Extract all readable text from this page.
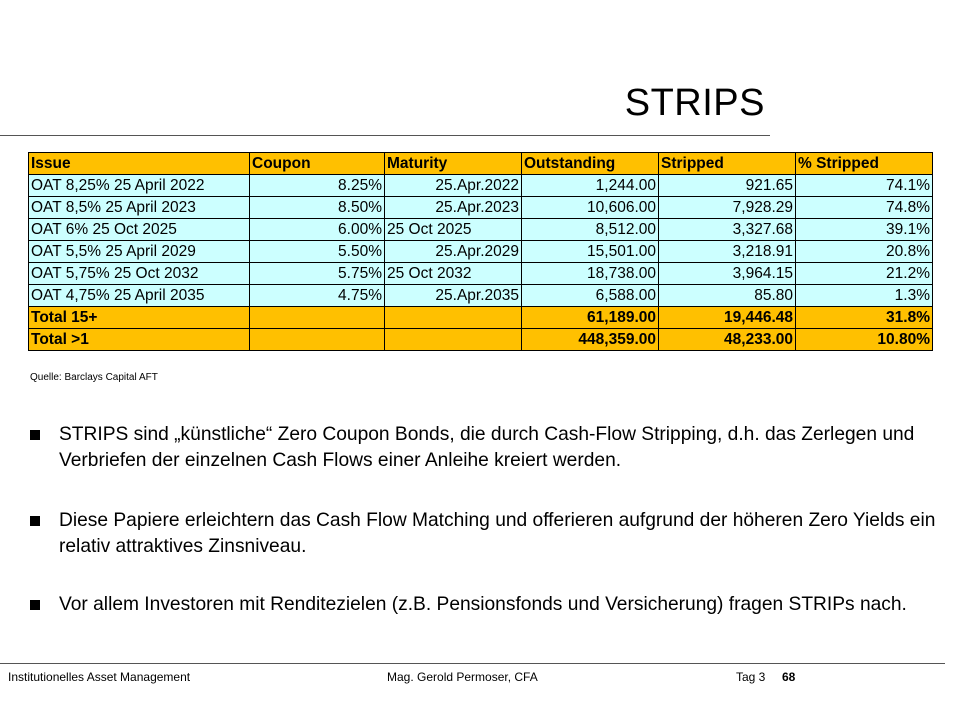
STRIPS
Issue	Coupon	Maturity	Outstanding	Stripped	% Stripped
OAT 8,25% 25 April 2022	8.25%	25.Apr.2022	1,244.00	921.65	74.1%
OAT 8,5% 25 April 2023	8.50%	25.Apr.2023	10,606.00	7,928.29	74.8%
OAT 6% 25 Oct 2025	6.00%	25 Oct 2025	8,512.00	3,327.68	39.1%
OAT 5,5% 25 April 2029	5.50%	25.Apr.2029	15,501.00	3,218.91	20.8%
OAT 5,75% 25 Oct 2032	5.75%	25 Oct 2032	18,738.00	3,964.15	21.2%
OAT 4,75% 25 April 2035	4.75%	25.Apr.2035	6,588.00	85.80	1.3%
Total 15+			61,189.00	19,446.48	31.8%
Total >1			448,359.00	48,233.00	10.80%
Quelle: Barclays Capital AFT
STRIPS sind „künstliche“ Zero Coupon Bonds, die durch Cash-Flow Stripping, d.h. das Zerlegen und Verbriefen der einzelnen Cash Flows einer Anleihe kreiert werden.
Diese Papiere erleichtern das Cash Flow Matching und offerieren aufgrund der höheren Zero Yields ein relativ attraktives Zinsniveau.
Vor allem Investoren mit Renditezielen (z.B. Pensionsfonds und Versicherung) fragen STRIPs nach.
Institutionelles Asset Management	Mag. Gerold Permoser, CFA	Tag 3 68
